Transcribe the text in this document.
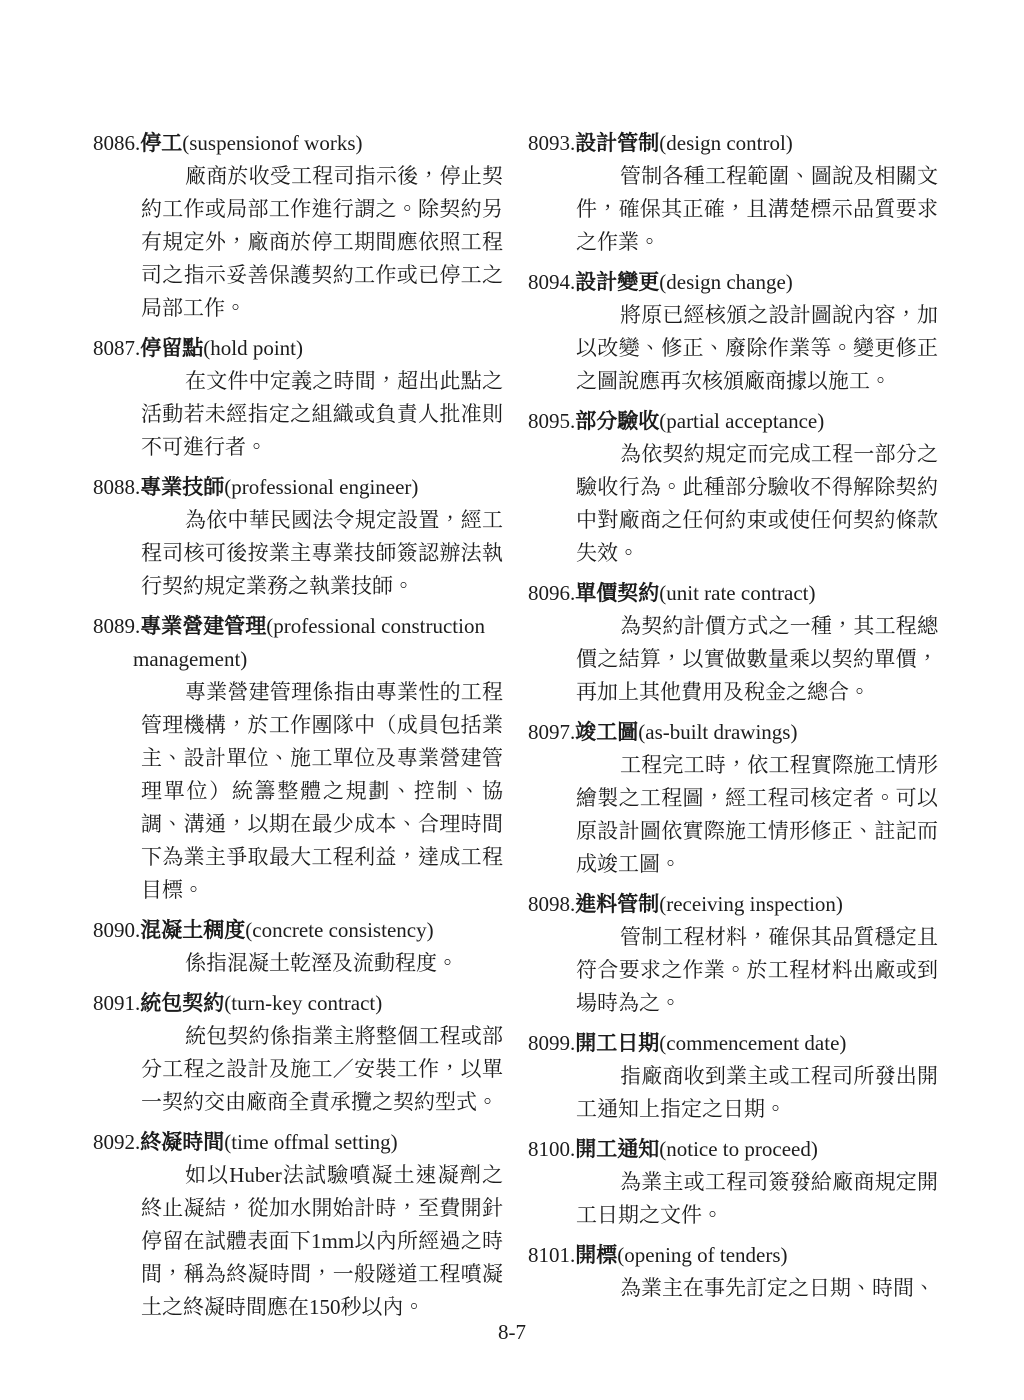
8086.停工(suspensionof works)

廠商於收受工程司指示後，停止契約工作或局部工作進行謂之。除契約另有規定外，廠商於停工期間應依照工程司之指示妥善保護契約工作或已停工之局部工作。

8087.停留點(hold point)

在文件中定義之時間，超出此點之活動若未經指定之組織或負責人批准則不可進行者。

8088.專業技師(professional engineer)

為依中華民國法令規定設置，經工程司核可後按業主專業技師簽認辦法執行契約規定業務之執業技師。

8089.專業營建管理(professional construction management)

專業營建管理係指由專業性的工程管理機構，於工作團隊中（成員包括業主、設計單位、施工單位及專業營建管理單位）統籌整體之規劃、控制、協調、溝通，以期在最少成本、合理時間下為業主爭取最大工程利益，達成工程目標。

8090.混凝土稠度(concrete consistency)

係指混凝土乾溼及流動程度。

8091.統包契約(turn-key contract)

統包契約係指業主將整個工程或部分工程之設計及施工／安裝工作，以單一契約交由廠商全責承攬之契約型式。

8092.終凝時間(time offmal setting)

如以Huber法試驗噴凝土速凝劑之終止凝結，從加水開始計時，至費開針停留在試體表面下1mm以內所經過之時間，稱為終凝時間，一般隧道工程噴凝土之終凝時間應在150秒以內。

8093.設計管制(design control)

管制各種工程範圍、圖說及相關文件，確保其正確，且溝楚標示品質要求之作業。

8094.設計變更(design change)

將原已經核頒之設計圖說內容，加以改變、修正、廢除作業等。變更修正之圖說應再次核頒廠商據以施工。

8095.部分驗收(partial acceptance)

為依契約規定而完成工程一部分之驗收行為。此種部分驗收不得解除契約中對廠商之任何約束或使任何契約條款失效。

8096.單價契約(unit rate contract)

為契約計價方式之一種，其工程總價之結算，以實做數量乘以契約單價，再加上其他費用及稅金之總合。

8097.竣工圖(as-built drawings)

工程完工時，依工程實際施工情形繪製之工程圖，經工程司核定者。可以原設計圖依實際施工情形修正、註記而成竣工圖。

8098.進料管制(receiving inspection)

管制工程材料，確保其品質穩定且符合要求之作業。於工程材料出廠或到場時為之。

8099.開工日期(commencement date)

指廠商收到業主或工程司所發出開工通知上指定之日期。

8100.開工通知(notice to proceed)

為業主或工程司簽發給廠商規定開工日期之文件。

8101.開標(opening of tenders)

為業主在事先訂定之日期、時間、

8-7
